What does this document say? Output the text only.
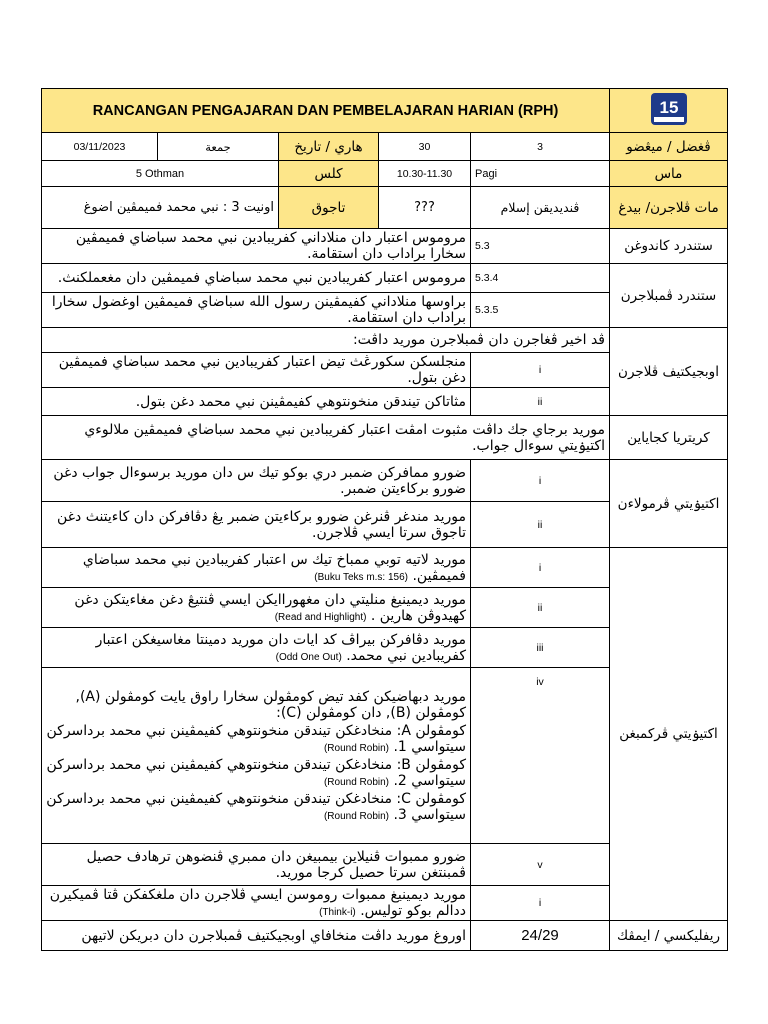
RANCANGAN PENGAJARAN DAN PEMBELAJARAN HARIAN (RPH)					15	

03/11/2023	جمعة	هاري / تاريخ	30	3	ڤغضل / ميڠضو	
5 Othman		كلس	10.30-11.30	Pagi	ماس	
اونيت 3 : نبي محمد فميمڤين اضوغ		تاجوق	???	ڤنديديقن إسلام	مات ڤلاجرن/ بيدغ	
مروموس اعتبار دان منلاداني كفريبادين نبي محمد سباضاي فميمڤين سخارا براداب دان استقامة.				5.3	ستندرد كاندوغن	
مروموس اعتبار كفريبادين نبي محمد سباضاي فميمڤين دان مغعملكنث.				5.3.4	ستندرد ڤمبلاجرن	
براوسها منلاداني كفيمڤينن رسول الله سباضاي فميمڤين اوغضول سخارا براداب دان استقامة.				5.3.5		
ڤد اخير ڤغاجرن دان ڤمبلاجرن موريد داڤت:					اوبجيكتيف ڤلاجرن	
منجلسكن سكورڠث تيض اعتبار كفريبادين نبي محمد سباضاي فميمڤين دغن بتول.				i		
مثاتاكن تيندقن منخونتوهي كفيمڤينن نبي محمد دغن بتول.				ii		
موريد برجاي جك داڤت مثبوت امڤت اعتبار كفريبادين نبي محمد سباضاي فميمڤين ملالوءي اكتيۏيتي سوءال جواب.					كريتريا كجاياين	
ضورو ممافركن ضمبر دري بوكو تيك س دان موريد برسوءال جواب دغن ضورو بركاءيتن ضمبر.				i	اكتيۏيتي ڤرمولاءن	
موريد مندغر ڤنرغن ضورو بركاءيتن ضمبر يڠ دڤافركن دان كاءيتنث دغن تاجوق سرتا ايسي ڤلاجرن.				ii		
موريد لاتيه توبي ممباخ تيك س اعتبار كفريبادين نبي محمد سباضاي فميمڤين. (Buku Teks m.s: 156)				i	اكتيۏيتي ڤركمبغن	
موريد ديمينيغ منليتي دان مغهوراايكن ايسي ڤنتيڠ دغن مغاءيتكن دغن كهيدوڤن هارين . (Read and Highlight)				ii		
موريد دڤافركن بيراڤ كد ايات دان موريد دمينتا مغاسيغكن اعتبار كفريبادين نبي محمد. (Odd One Out)				iii		

موريد دبهاضيكن كفد تيض كومڤولن سخارا راوق يايت كومڤولن (A), كومڤولن (B), دان كومڤولن (C):

كومڤولن A: منخادغكن تيندقن منخونتوهي كفيمڤينن نبي محمد برداسركن سيتواسي 1. (Round Robin)

كومڤولن B: منخادغكن تيندقن منخونتوهي كفيمڤينن نبي محمد برداسركن سيتواسي 2. (Round Robin)

كومڤولن C: منخادغكن تيندقن منخونتوهي كفيمڤينن نبي محمد برداسركن سيتواسي 3. (Round Robin)				iv		
ضورو ممبوات ڤنيلاين بيمبيغن دان ممبري ڤنضوهن ترهادف حصيل ڤمبنتغن سرتا حصيل كرجا موريد.				v		
موريد ديمينيغ ممبوات روموسن ايسي ڤلاجرن دان ملغكفكن ڤتا ڤميكيرن ددالم بوكو توليس. (Think-i)				i	
اوروغ موريد داڤت منخافاي اوبجيكتيف ڤمبلاجرن دان دبريكن لاتيهن				24/29	ريفليكسي / ايمڤك	
